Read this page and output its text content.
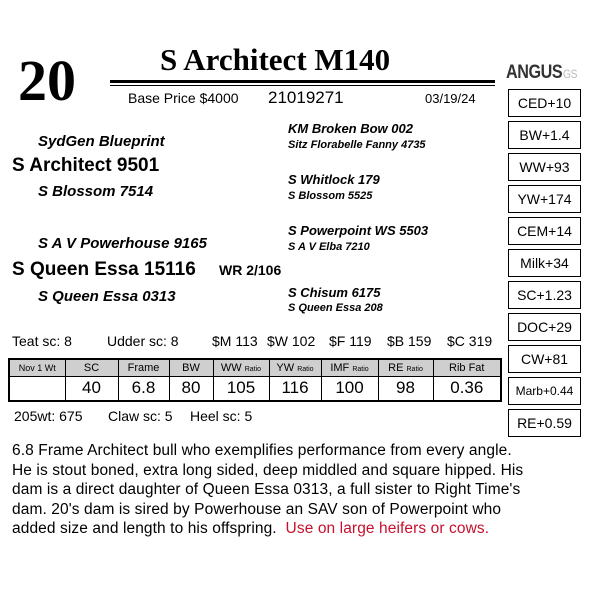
20	S Architect M140
Base Price $4000 21019271	03/19/24
ANGUSGS
CED+10
BW+1.4
WW+93
YW+174
CEM+14
Milk+34
SC+1.23
DOC+29
CW+81
Marb+0.44
RE+0.59
SydGen Blueprint
S Architect 9501
S Blossom 7514
S A V Powerhouse 9165
S Queen Essa 15116 WR 2/106
S Queen Essa 0313
KM Broken Bow 002
Sitz Florabelle Fanny 4735
S Whitlock 179
S Blossom 5525
S Powerpoint WS 5503
S A V Elba 7210
S Chisum 6175
S Queen Essa 208
Teat sc: 8	Udder sc: 8 $M 113 $W 102 $F 119 $B 159 $C 319
Nov 1 Wt	SC	Frame	BW	WW Ratio	YW Ratio	IMF Ratio	RE Ratio	Rib Fat
	40	6.8	80	105	116	100	98	0.36
205wt: 675 Claw sc: 5 Heel sc: 5
6.8 Frame Architect bull who exemplifies performance from every angle.
He is stout boned, extra long sided, deep middled and square hipped. His
dam is a direct daughter of Queen Essa 0313, a full sister to Right Time's
dam. 20's dam is sired by Powerhouse an SAV son of Powerpoint who
added size and length to his offspring. Use on large heifers or cows.
